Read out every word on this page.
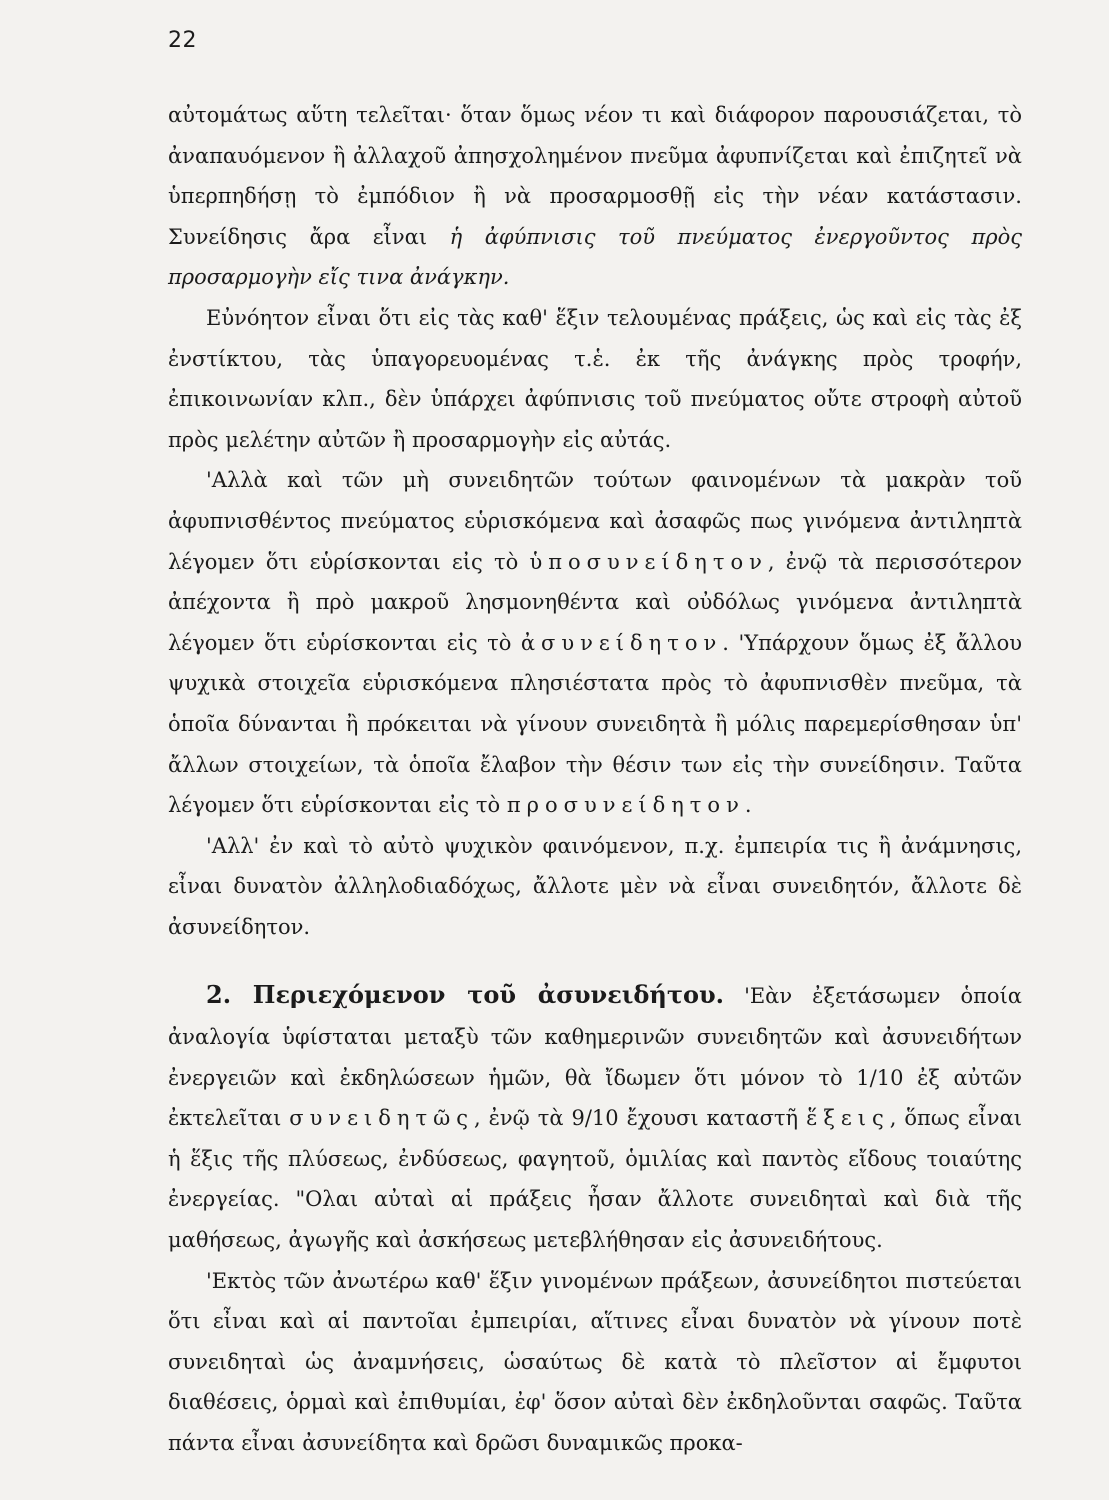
22

αὐτομάτως αὕτη τελεῖται· ὅταν ὅμως νέον τι καὶ διάφορον παρουσιάζεται, τὸ ἀναπαυόμενον ἢ ἀλλαχοῦ ἀπησχολημένον πνεῦμα ἀφυπνίζεται καὶ ἐπιζητεῖ νὰ ὑπερπηδήσῃ τὸ ἐμπόδιον ἢ νὰ προσαρμοσθῇ εἰς τὴν νέαν κατάστασιν. Συνείδησις ἄρα εἶναι ἡ ἀφύπνισις τοῦ πνεύματος ἐνεργοῦντος πρὸς προσαρμογὴν εἴς τινα ἀνάγκην.

Εὐνόητον εἶναι ὅτι εἰς τὰς καθ' ἕξιν τελουμένας πράξεις, ὡς καὶ εἰς τὰς ἐξ ἐνστίκτου, τὰς ὑπαγορευομένας τ.ἑ. ἐκ τῆς ἀνάγκης πρὸς τροφήν, ἐπικοινωνίαν κλπ., δὲν ὑπάρχει ἀφύπνισις τοῦ πνεύματος οὔτε στροφὴ αὐτοῦ πρὸς μελέτην αὐτῶν ἢ προσαρμογὴν εἰς αὐτάς.

'Αλλὰ καὶ τῶν μὴ συνειδητῶν τούτων φαινομένων τὰ μακρὰν τοῦ ἀφυπνισθέντος πνεύματος εὑρισκόμενα καὶ ἀσαφῶς πως γινόμενα ἀντιληπτὰ λέγομεν ὅτι εὑρίσκονται εἰς τὸ ὑποσυνείδητον, ἐνῷ τὰ περισσότερον ἀπέχοντα ἢ πρὸ μακροῦ λησμονηθέντα καὶ οὐδόλως γινόμενα ἀντιληπτὰ λέγομεν ὅτι εὑρίσκονται εἰς τὸ ἀσυνείδητον. 'Υπάρχουν ὅμως ἐξ ἄλλου ψυχικὰ στοιχεῖα εὑρισκόμενα πλησιέστατα πρὸς τὸ ἀφυπνισθὲν πνεῦμα, τὰ ὁποῖα δύνανται ἢ πρόκειται νὰ γίνουν συνειδητὰ ἢ μόλις παρεμερίσθησαν ὑπ' ἄλλων στοιχείων, τὰ ὁποῖα ἔλαβον τὴν θέσιν των εἰς τὴν συνείδησιν. Ταῦτα λέγομεν ὅτι εὑρίσκονται εἰς τὸ προσυνείδητον.

'Αλλ' ἐν καὶ τὸ αὐτὸ ψυχικὸν φαινόμενον, π.χ. ἐμπειρία τις ἢ ἀνάμνησις, εἶναι δυνατὸν ἀλληλοδιαδόχως, ἄλλοτε μὲν νὰ εἶναι συνειδητόν, ἄλλοτε δὲ ἀσυνείδητον.

2. Περιεχόμενον τοῦ ἀσυνειδήτου. 'Εὰν ἐξετάσωμεν ὁποία ἀναλογία ὑφίσταται μεταξὺ τῶν καθημερινῶν συνειδητῶν καὶ ἀσυνειδήτων ἐνεργειῶν καὶ ἐκδηλώσεων ἡμῶν, θὰ ἴδωμεν ὅτι μόνον τὸ 1/10 ἐξ αὐτῶν ἐκτελεῖται συνειδητῶς, ἐνῷ τὰ 9/10 ἔχουσι καταστῆ ἕξεις, ὅπως εἶναι ἡ ἕξις τῆς πλύσεως, ἐνδύσεως, φαγητοῦ, ὁμιλίας καὶ παντὸς εἴδους τοιαύτης ἐνεργείας. "Ολαι αὐταὶ αἱ πράξεις ἦσαν ἄλλοτε συνειδηταὶ καὶ διὰ τῆς μαθήσεως, ἀγωγῆς καὶ ἀσκήσεως μετεβλήθησαν εἰς ἀσυνειδήτους.

'Εκτὸς τῶν ἀνωτέρω καθ' ἕξιν γινομένων πράξεων, ἀσυνείδητοι πιστεύεται ὅτι εἶναι καὶ αἱ παντοῖαι ἐμπειρίαι, αἵτινες εἶναι δυνατὸν νὰ γίνουν ποτὲ συνειδηταὶ ὡς ἀναμνήσεις, ὡσαύτως δὲ κατὰ τὸ πλεῖστον αἱ ἔμφυτοι διαθέσεις, ὁρμαὶ καὶ ἐπιθυμίαι, ἐφ' ὅσον αὐταὶ δὲν ἐκδηλοῦνται σαφῶς. Ταῦτα πάντα εἶναι ἀσυνείδητα καὶ δρῶσι δυναμικῶς προκα-
